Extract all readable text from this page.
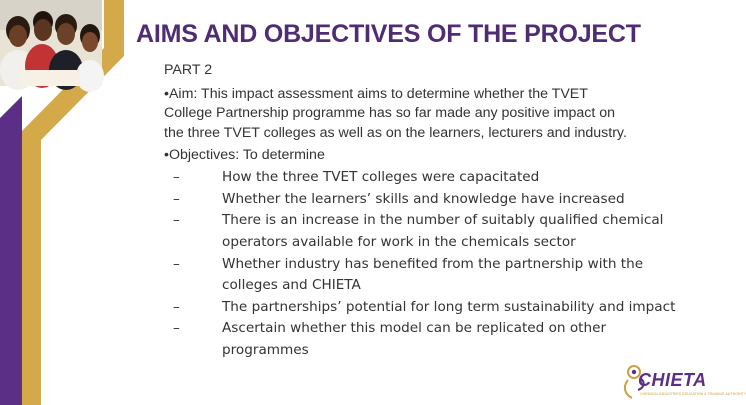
AIMS AND OBJECTIVES OF THE PROJECT

PART 2

•Aim: This impact assessment aims to determine whether the TVET

College Partnership programme has so far made any positive impact on

the three TVET colleges as well as on the learners, lecturers and industry.

•Objectives: To determine

–	How the three TVET colleges were capacitated
–	Whether the learners’ skills and knowledge have increased
–	There is an increase in the number of suitably qualified chemical operators available for work in the chemicals sector
–	Whether industry has benefited from the partnership with the colleges and CHIETA
–	The partnerships’ potential for long term sustainability and impact
–	Ascertain whether this model can be replicated on other programmes

CHIETA

CHEMICAL INDUSTRIES EDUCATION & TRAINING AUTHORITY
